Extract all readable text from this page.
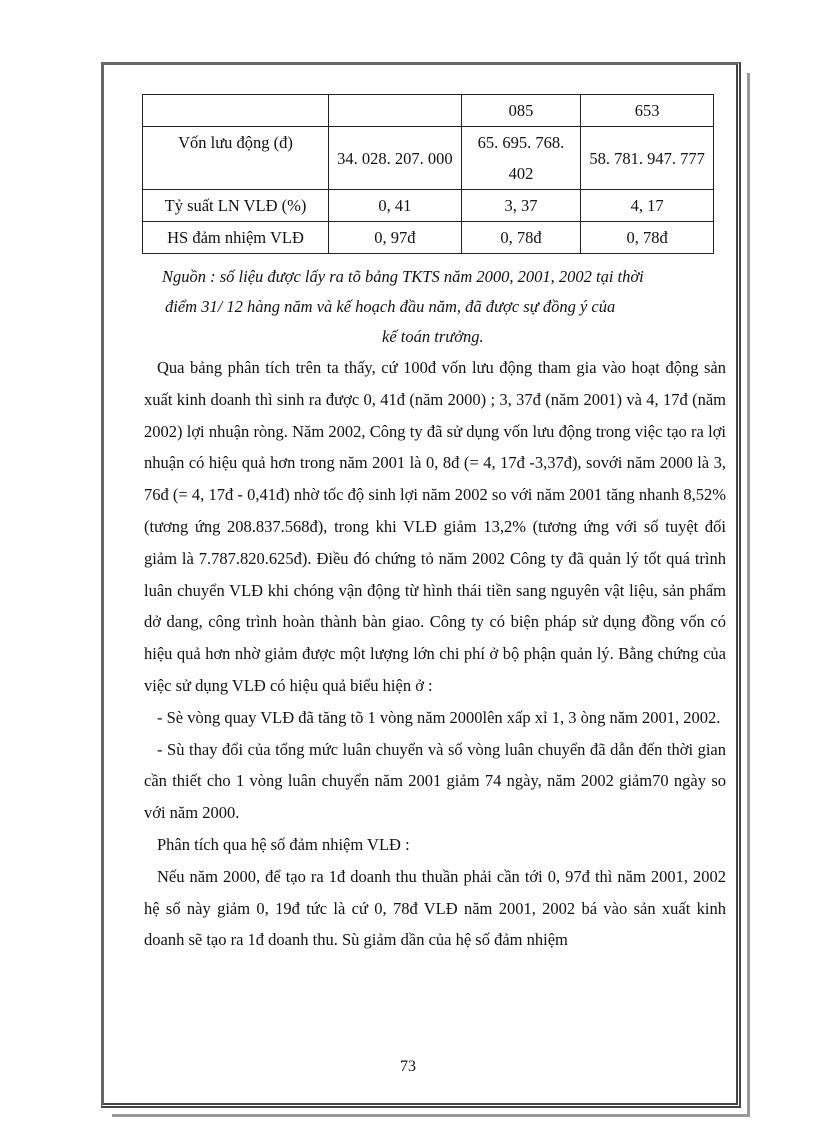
		085	653
Vốn lưu động (đ)	34. 028. 207. 000	65. 695. 768. 402	58. 781. 947. 777
Tỷ suất LN VLĐ (%)	0, 41	3, 37	4, 17
HS đảm nhiệm VLĐ	0, 97đ	0, 78đ	0, 78đ
Nguồn : số liệu được lấy ra tõ bảng TKTS năm 2000, 2001, 2002 tại thời
điểm 31/ 12 hàng năm và kế hoạch đầu năm, đã được sự đồng ý của
kế toán trưởng.

Qua bảng phân tích trên ta thấy, cứ 100đ vốn lưu động tham gia vào hoạt động sản xuất kinh doanh thì sinh ra được 0, 41đ (năm 2000) ; 3, 37đ (năm 2001) và 4, 17đ (năm 2002) lợi nhuận ròng. Năm 2002, Công ty đã sử dụng vốn lưu động trong việc tạo ra lợi nhuận có hiệu quả hơn trong năm 2001 là 0, 8đ (= 4, 17đ -3,37đ), sovới năm 2000 là 3, 76đ (= 4, 17đ - 0,41đ) nhờ tốc độ sinh lợi năm 2002 so với năm 2001 tăng nhanh 8,52% (tương ứng 208.837.568đ), trong khi VLĐ giảm 13,2% (tương ứng với số tuyệt đối giảm là 7.787.820.625đ). Điều đó chứng tỏ năm 2002 Công ty đã quản lý tốt quá trình luân chuyển VLĐ khi chóng vận động từ hình thái tiền sang nguyên vật liệu, sản phẩm dở dang, công trình hoàn thành bàn giao. Công ty có biện pháp sử dụng đồng vốn có hiệu quả hơn nhờ giảm được một lượng lớn chi phí ở bộ phận quản lý. Bằng chứng của việc sử dụng VLĐ có hiệu quả biểu hiện ở :

- Sè vòng quay VLĐ đã tăng tõ 1 vòng năm 2000lên xấp xỉ 1, 3 òng năm 2001, 2002.

- Sù thay đổi của tổng mức luân chuyển và số vòng luân chuyển đã dẫn đến thời gian cần thiết cho 1 vòng luân chuyển năm 2001 giảm 74 ngày, năm 2002 giảm70 ngày so với năm 2000.

Phân tích qua hệ số đảm nhiệm VLĐ :

Nếu năm 2000, để tạo ra 1đ doanh thu thuần phải cần tới 0, 97đ thì năm 2001, 2002 hệ số này giảm 0, 19đ tức là cứ 0, 78đ VLĐ năm 2001, 2002 bá vào sản xuất kinh doanh sẽ tạo ra 1đ doanh thu. Sù giảm dần của hệ số đảm nhiệm

73
